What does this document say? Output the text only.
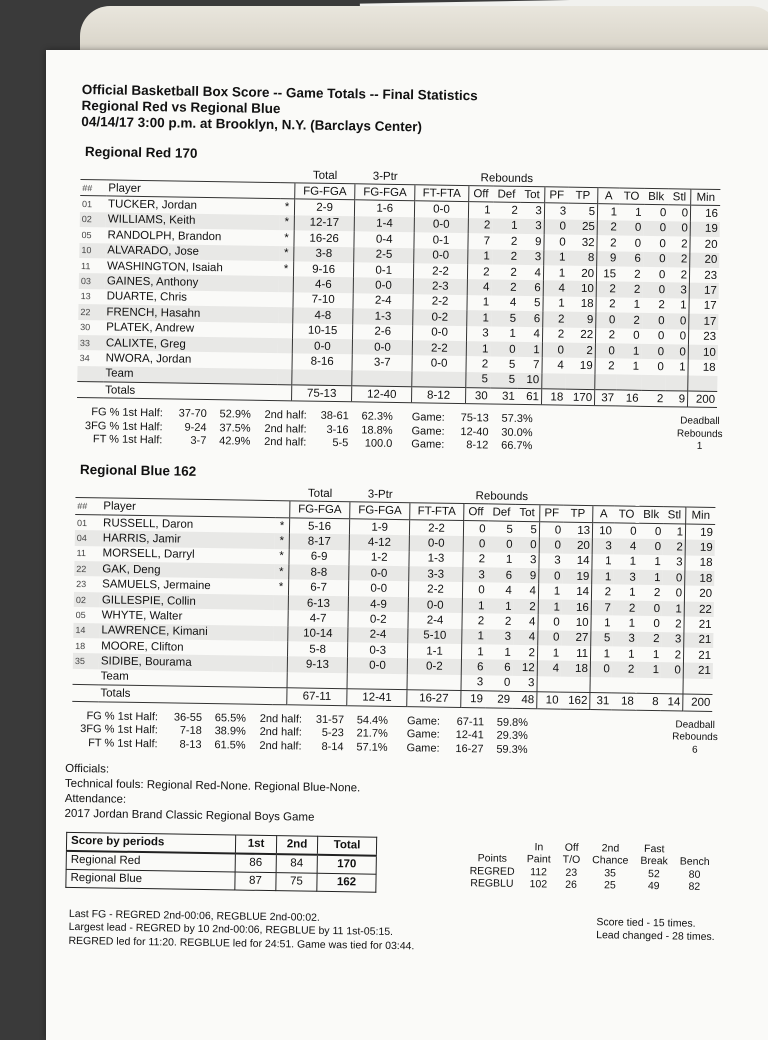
Official Basketball Box Score -- Game Totals -- Final Statistics
Regional Red vs Regional Blue
04/14/17 3:00 p.m. at Brooklyn, N.Y. (Barclays Center)
Regional Red 170
			Total	3-Ptr		Rebounds									
##	Player		FG-FGA	FG-FGA	FT-FTA	Off	Def	Tot	PF	TP	A	TO	Blk	Stl	Min
01	TUCKER, Jordan	*	2-9	1-6	0-0	1	2	3	3	5	1	1	0	0	16
02	WILLIAMS, Keith	*	12-17	1-4	0-0	2	1	3	0	25	2	0	0	0	19
05	RANDOLPH, Brandon	*	16-26	0-4	0-1	7	2	9	0	32	2	0	0	2	20
10	ALVARADO, Jose	*	3-8	2-5	0-0	1	2	3	1	8	9	6	0	2	20
11	WASHINGTON, Isaiah	*	9-16	0-1	2-2	2	2	4	1	20	15	2	0	2	23
03	GAINES, Anthony		4-6	0-0	2-3	4	2	6	4	10	2	2	0	3	17
13	DUARTE, Chris		7-10	2-4	2-2	1	4	5	1	18	2	1	2	1	17
22	FRENCH, Hasahn		4-8	1-3	0-2	1	5	6	2	9	0	2	0	0	17
30	PLATEK, Andrew		10-15	2-6	0-0	3	1	4	2	22	2	0	0	0	23
33	CALIXTE, Greg		0-0	0-0	2-2	1	0	1	0	2	0	1	0	0	10
34	NWORA, Jordan		8-16	3-7	0-0	2	5	7	4	19	2	1	0	1	18
	Team					5	5	10							
	Totals		75-13	12-40	8-12	30	31	61	18	170	37	16	2	9	200
FG % 1st Half: 37-70 52.9% 2nd half: 38-61 62.3% Game: 75-13 57.3%
3FG % 1st Half: 9-24 37.5% 2nd half: 3-16 18.8% Game: 12-40 30.0%
FT % 1st Half:	3-7 42.9% 2nd half: 5-5 100.0 Game: 8-12 66.7%
Deadball
Rebounds
1
Regional Blue 162
			Total	3-Ptr		Rebounds									
##	Player		FG-FGA	FG-FGA	FT-FTA	Off	Def	Tot	PF	TP	A	TO	Blk	Stl	Min
01	RUSSELL, Daron	*	5-16	1-9	2-2	0	5	5	0	13	10	0	0	1	19
04	HARRIS, Jamir	*	8-17	4-12	0-0	0	0	0	0	20	3	4	0	2	19
11	MORSELL, Darryl	*	6-9	1-2	1-3	2	1	3	3	14	1	1	1	3	18
22	GAK, Deng	*	8-8	0-0	3-3	3	6	9	0	19	1	3	1	0	18
23	SAMUELS, Jermaine	*	6-7	0-0	2-2	0	4	4	1	14	2	1	2	0	20
02	GILLESPIE, Collin		6-13	4-9	0-0	1	1	2	1	16	7	2	0	1	22
05	WHYTE, Walter		4-7	0-2	2-4	2	2	4	0	10	1	1	0	2	21
14	LAWRENCE, Kimani		10-14	2-4	5-10	1	3	4	0	27	5	3	2	3	21
18	MOORE, Clifton		5-8	0-3	1-1	1	1	2	1	11	1	1	1	2	21
35	SIDIBE, Bourama		9-13	0-0	0-2	6	6	12	4	18	0	2	1	0	21
	Team					3	0	3							
	Totals		67-11	12-41	16-27	19	29	48	10	162	31	18	8	14	200
FG % 1st Half: 36-55 65.5% 2nd half: 31-57 54.4% Game: 67-11 59.8%
3FG % 1st Half: 7-18 38.9% 2nd half: 5-23 21.7% Game: 12-41 29.3%
FT % 1st Half: 8-13 61.5% 2nd half: 8-14 57.1% Game: 16-27 59.3%
Deadball
Rebounds
6
Officials:
Technical fouls: Regional Red-None. Regional Blue-None.
Attendance:
2017 Jordan Brand Classic Regional Boys Game
Score by periods	1st	2nd	Total
Regional Red	86	84	170
Regional Blue	87	75	162
	In	Off	2nd	Fast	
Points	Paint	T/O	Chance	Break	Bench
REGRED	112	23	35	52	80
REGBLU	102	26	25	49	82
Last FG - REGRED 2nd-00:06, REGBLUE 2nd-00:02.
Largest lead - REGRED by 10 2nd-00:06, REGBLUE by 11 1st-05:15.
REGRED led for 11:20. REGBLUE led for 24:51. Game was tied for 03:44.
Score tied - 15 times.
Lead changed - 28 times.
